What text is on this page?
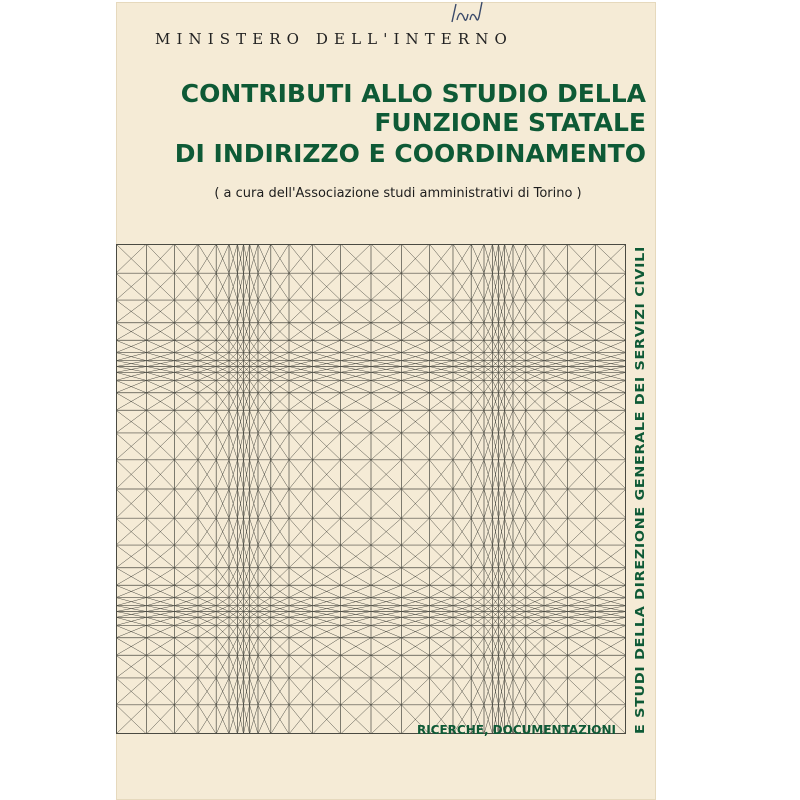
MINISTERO DELL'INTERNO
CONTRIBUTI ALLO STUDIO DELLA
FUNZIONE STATALE
DI INDIRIZZO E COORDINAMENTO
( a cura dell'Associazione studi amministrativi di Torino )
E STUDI DELLA DIREZIONE GENERALE DEI SERVIZI CIVILI
RICERCHE, DOCUMENTAZIONI
